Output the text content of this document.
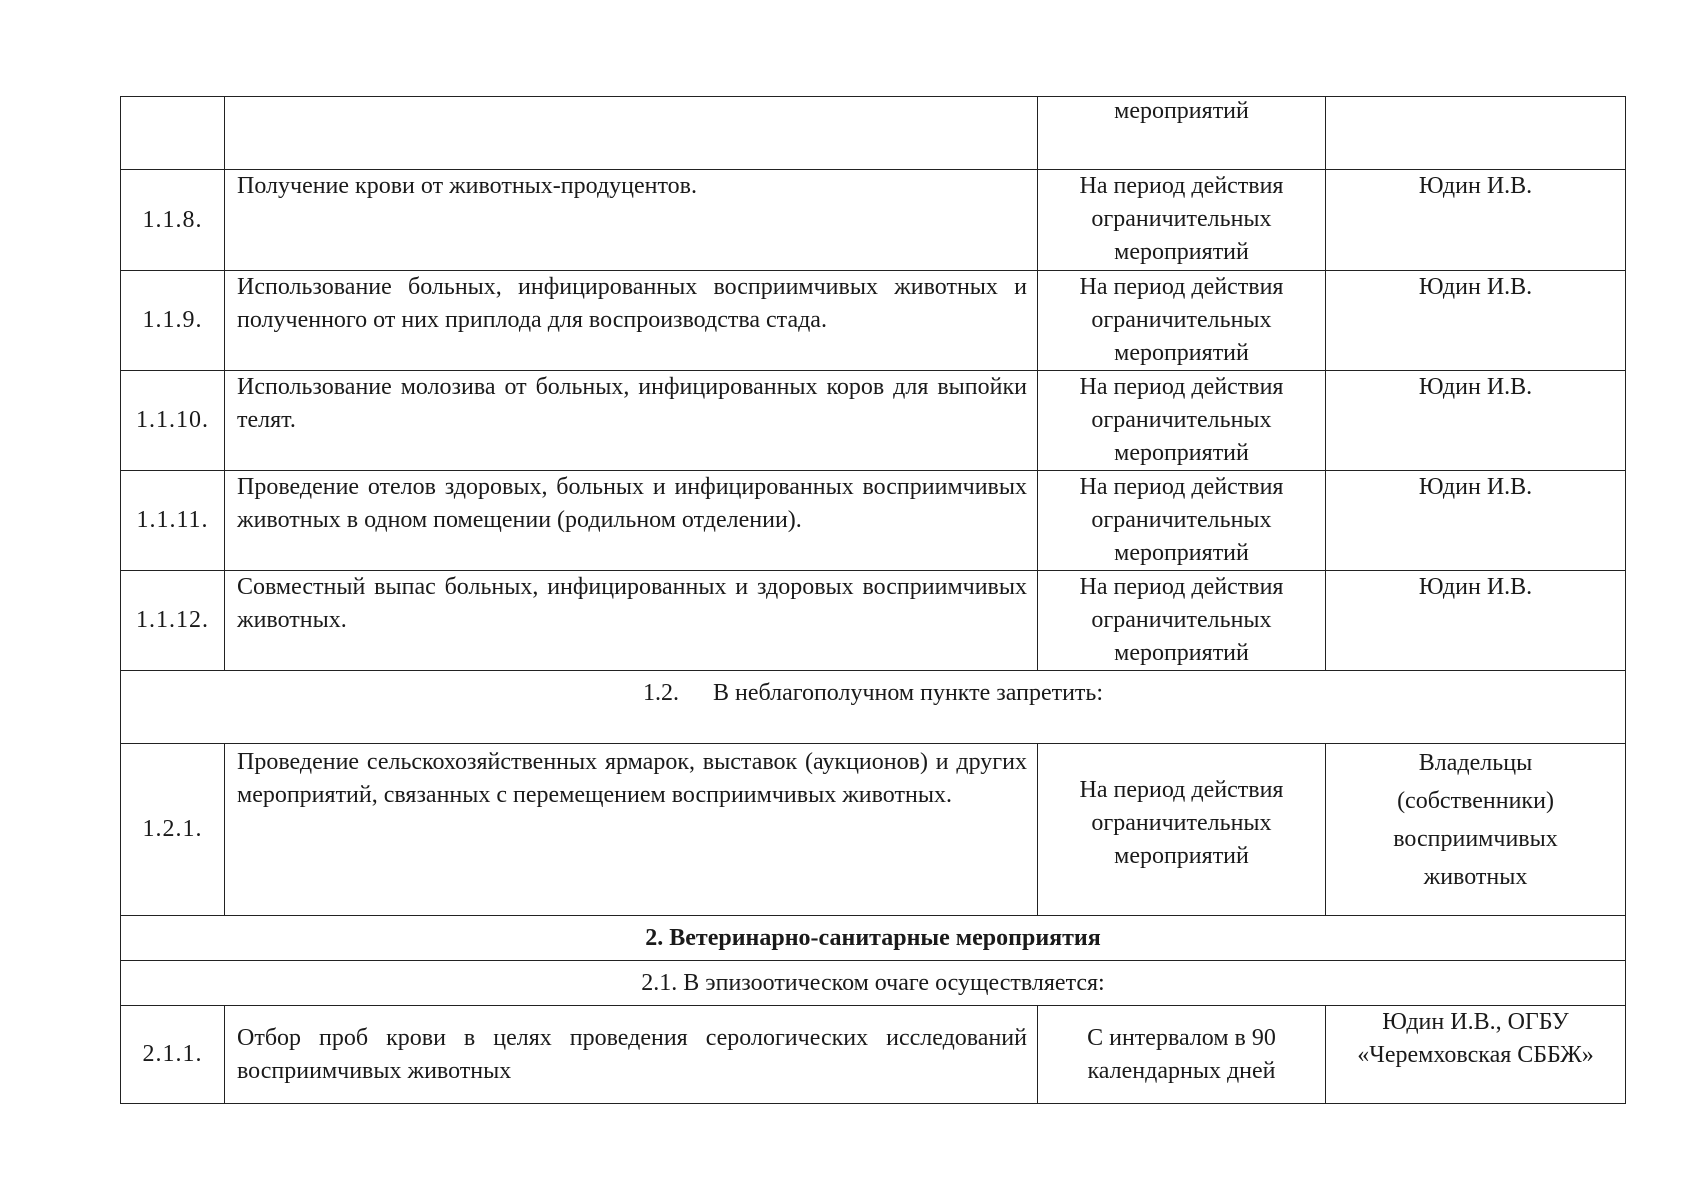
		мероприятий	

1.1.8.	Получение крови от животных-продуцентов.	На период действия ограничительных мероприятий	Юдин И.В.

1.1.9.	Использование больных, инфицированных восприимчивых животных и полученного от них приплода для воспроизводства стада.	На период действия ограничительных мероприятий	Юдин И.В.

1.1.10.	Использование молозива от больных, инфицированных коров для выпойки телят.	На период действия ограничительных мероприятий	Юдин И.В.

1.1.11.	Проведение отелов здоровых, больных и инфицированных восприимчивых животных в одном помещении (родильном отделении).	На период действия ограничительных мероприятий	Юдин И.В.

1.1.12.	Совместный выпас больных, инфицированных и здоровых восприимчивых животных.	На период действия ограничительных мероприятий	Юдин И.В.

1.2. В неблагополучном пункте запретить:			
1.2.1.	Проведение сельскохозяйственных ярмарок, выставок (аукционов) и других мероприятий, связанных с перемещением восприимчивых животных.	На период действия ограничительных мероприятий	Владельцы (собственники) восприимчивых животных

2. Ветеринарно-санитарные мероприятия			
2.1. В эпизоотическом очаге осуществляется:			
2.1.1.	Отбор проб крови в целях проведения серологических исследований восприимчивых животных	С интервалом в 90 календарных дней	Юдин И.В., ОГБУ «Черемховская СББЖ»
